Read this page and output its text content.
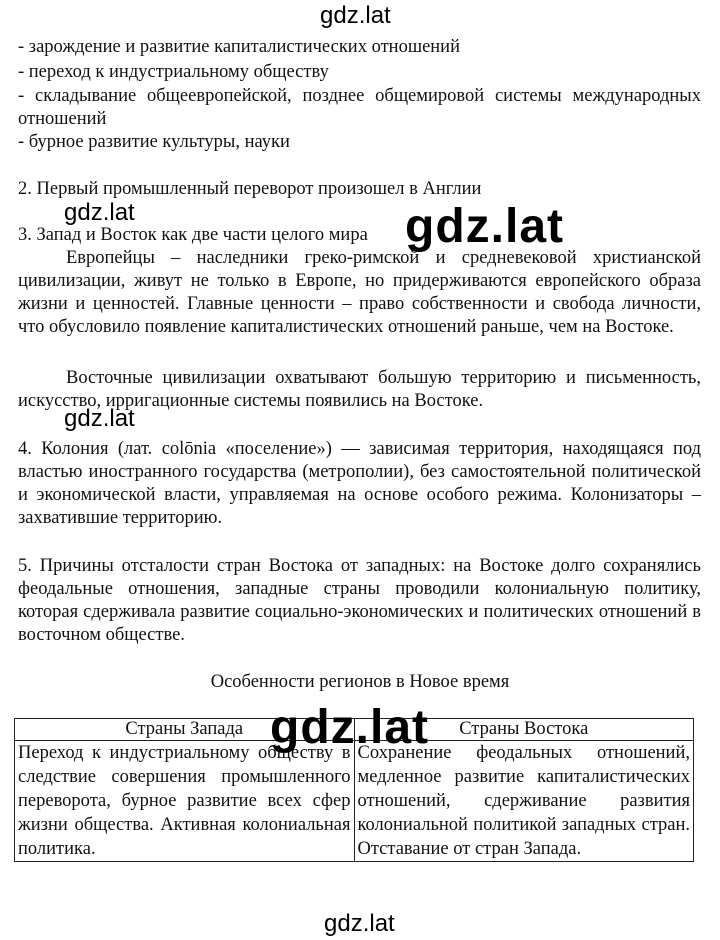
gdz.lat
- зарождение и развитие капиталистических отношений
- переход к индустриальному обществу
- складывание общеевропейской, позднее общемировой системы международных отношений
- бурное развитие культуры, науки
2. Первый промышленный переворот произошел в Англии
3. Запад и Восток как две части целого мира
Европейцы – наследники греко-римской и средневековой христианской цивилизации, живут не только в Европе, но придерживаются европейского образа жизни и ценностей. Главные ценности – право собственности и свобода личности, что обусловило появление капиталистических отношений раньше, чем на Востоке.
Восточные цивилизации охватывают большую территорию и письменность, искусство, ирригационные системы появились на Востоке.
4. Колония (лат. colōnia «поселение») — зависимая территория, находящаяся под властью иностранного государства (метрополии), без самостоятельной политической и экономической власти, управляемая на основе особого режима. Колонизаторы – захватившие территорию.
5. Причины отсталости стран Востока от западных: на Востоке долго сохранялись феодальные отношения, западные страны проводили колониальную политику, которая сдерживала развитие социально-экономических и политических отношений в восточном обществе.
Особенности регионов в Новое время
Страны Запада	Страны Востока
Переход к индустриальному обществу в следствие совершения промышленного переворота, бурное развитие всех сфер жизни общества. Активная колониальная политика.	Сохранение феодальных отношений, медленное развитие капиталистических отношений, сдерживание развития колониальной политикой западных стран. Отставание от стран Запада.
gdz.lat	gdz.lat
gdz.lat
gdz.lat
gdz.lat
